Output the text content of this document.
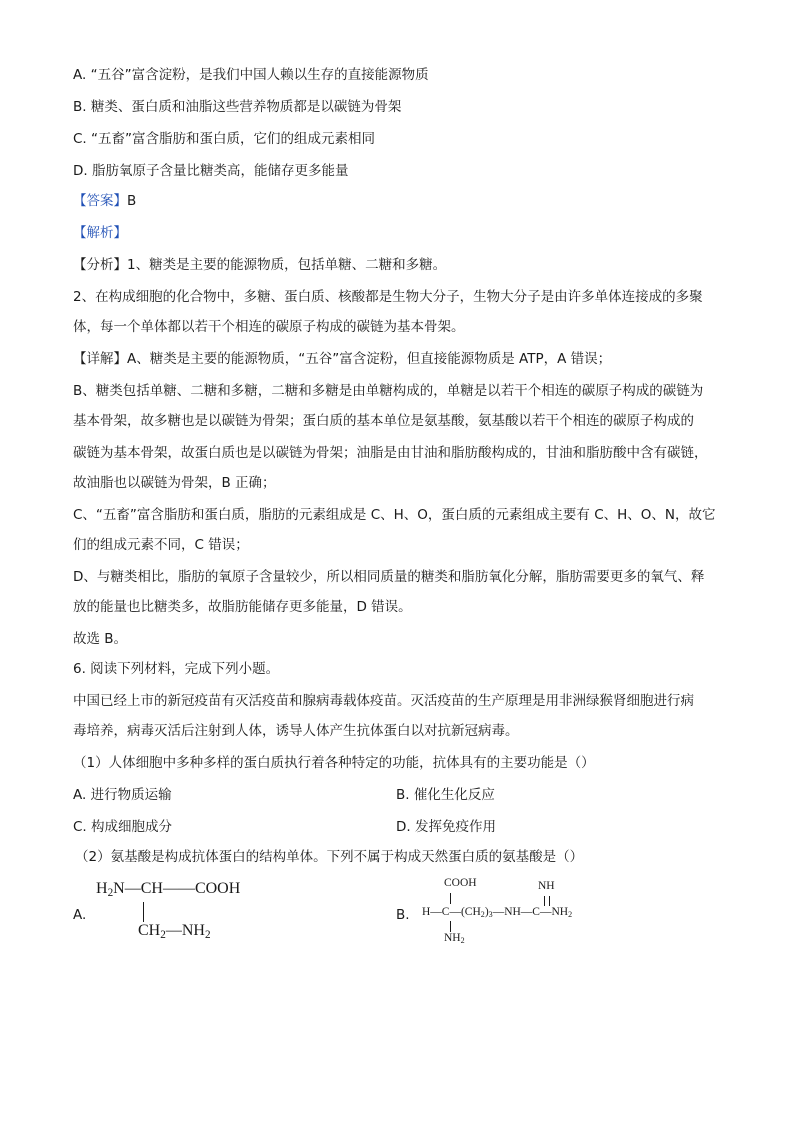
A. “五谷”富含淀粉，是我们中国人赖以生存的直接能源物质
B. 糖类、蛋白质和油脂这些营养物质都是以碳链为骨架
C. “五畜”富含脂肪和蛋白质，它们的组成元素相同
D. 脂肪氧原子含量比糖类高，能储存更多能量
【答案】B
【解析】
【分析】1、糖类是主要的能源物质，包括单糖、二糖和多糖。
2、在构成细胞的化合物中，多糖、蛋白质、核酸都是生物大分子，生物大分子是由许多单体连接成的多聚
体，每一个单体都以若干个相连的碳原子构成的碳链为基本骨架。
【详解】A、糖类是主要的能源物质，“五谷”富含淀粉，但直接能源物质是 ATP，A 错误；
B、糖类包括单糖、二糖和多糖，二糖和多糖是由单糖构成的，单糖是以若干个相连的碳原子构成的碳链为
基本骨架，故多糖也是以碳链为骨架；蛋白质的基本单位是氨基酸，氨基酸以若干个相连的碳原子构成的
碳链为基本骨架，故蛋白质也是以碳链为骨架；油脂是由甘油和脂肪酸构成的，甘油和脂肪酸中含有碳链，
故油脂也以碳链为骨架，B 正确；
C、“五畜”富含脂肪和蛋白质，脂肪的元素组成是 C、H、O，蛋白质的元素组成主要有 C、H、O、N，故它
们的组成元素不同，C 错误；
D、与糖类相比，脂肪的氧原子含量较少，所以相同质量的糖类和脂肪氧化分解，脂肪需要更多的氧气、释
放的能量也比糖类多，故脂肪能储存更多能量，D 错误。
故选 B。
6. 阅读下列材料，完成下列小题。
中国已经上市的新冠疫苗有灭活疫苗和腺病毒载体疫苗。灭活疫苗的生产原理是用非洲绿猴肾细胞进行病
毒培养，病毒灭活后注射到人体，诱导人体产生抗体蛋白以对抗新冠病毒。
（1）人体细胞中多种多样的蛋白质执行着各种特定的功能，抗体具有的主要功能是（）
A. 进行物质运输	B. 催化生化反应
C. 构成细胞成分	D. 发挥免疫作用
（2）氨基酸是构成抗体蛋白的结构单体。下列不属于构成天然蛋白质的氨基酸是（）
A.
$H_2N—CH——COOH$
$CH_2—NH_2$
B.
COOH	NH
$H—C—(CH_2)_3—NH—C—NH_2$
$NH_2$
